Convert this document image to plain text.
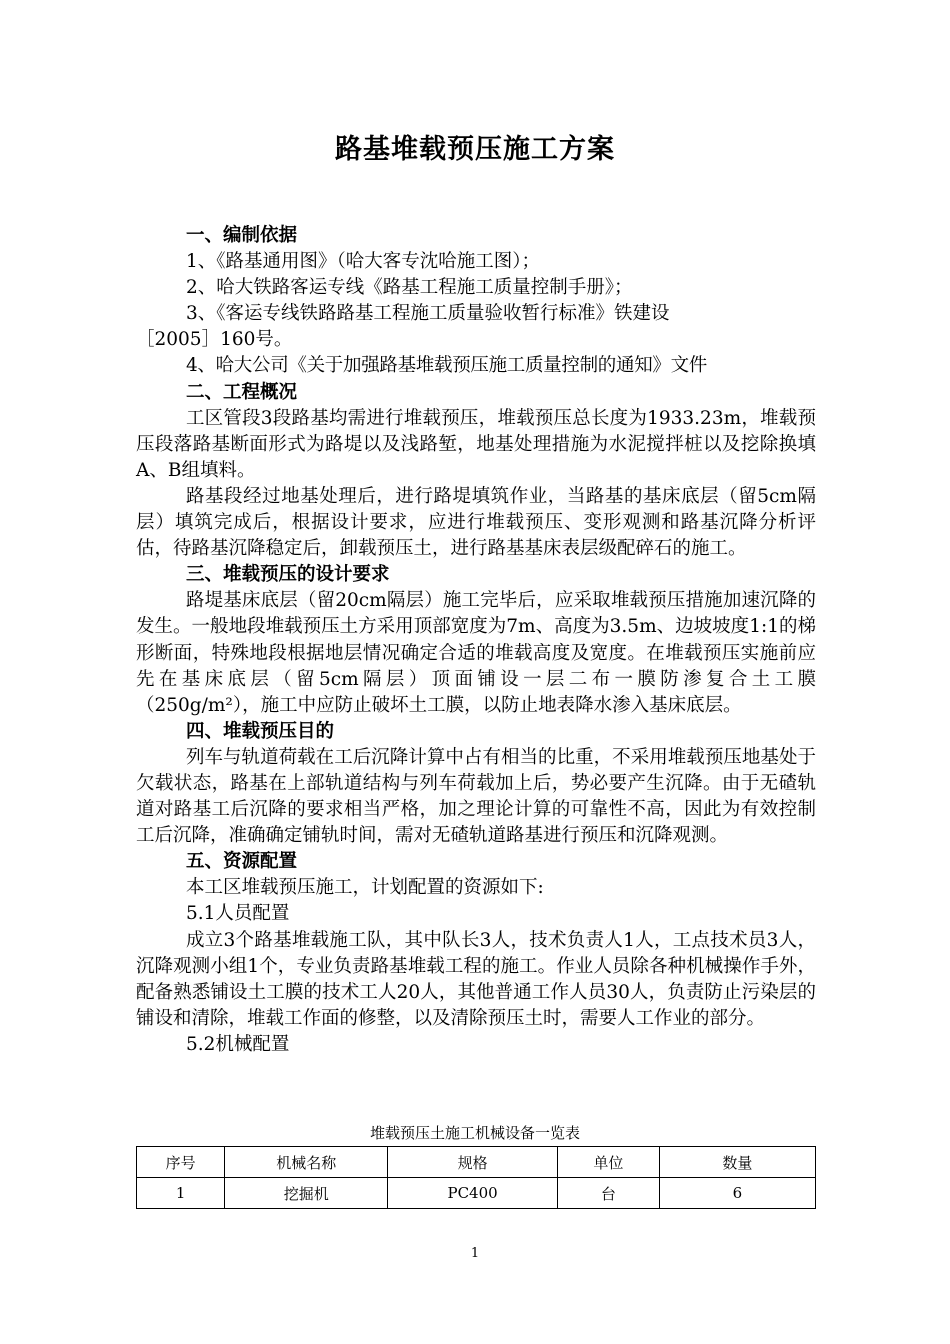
路基堆载预压施工方案

一、编制依据

1、《路基通用图》（哈大客专沈哈施工图）；

2、哈大铁路客运专线《路基工程施工质量控制手册》；

3、《客运专线铁路路基工程施工质量验收暂行标准》铁建设

［2005］160号。

4、哈大公司《关于加强路基堆载预压施工质量控制的通知》文件

二、工程概况

工区管段3段路基均需进行堆载预压，堆载预压总长度为1933.23m，堆载预压段落路基断面形式为路堤以及浅路堑，地基处理措施为水泥搅拌桩以及挖除换填A、B组填料。

路基段经过地基处理后，进行路堤填筑作业，当路基的基床底层（留5cm隔层）填筑完成后，根据设计要求，应进行堆载预压、变形观测和路基沉降分析评估，待路基沉降稳定后，卸载预压土，进行路基基床表层级配碎石的施工。

三、堆载预压的设计要求

路堤基床底层（留20cm隔层）施工完毕后，应采取堆载预压措施加速沉降的发生。一般地段堆载预压土方采用顶部宽度为7m、高度为3.5m、边坡坡度1:1的梯形断面，特殊地段根据地层情况确定合适的堆载高度及宽度。在堆载预压实施前应先在基床底层（留5cm隔层）顶面铺设一层二布一膜防渗复合土工膜（250g/m²），施工中应防止破坏土工膜，以防止地表降水渗入基床底层。

四、堆载预压目的

列车与轨道荷载在工后沉降计算中占有相当的比重，不采用堆载预压地基处于欠载状态，路基在上部轨道结构与列车荷载加上后，势必要产生沉降。由于无碴轨道对路基工后沉降的要求相当严格，加之理论计算的可靠性不高，因此为有效控制工后沉降，准确确定铺轨时间，需对无碴轨道路基进行预压和沉降观测。

五、资源配置

本工区堆载预压施工，计划配置的资源如下:

5.1人员配置

成立3个路基堆载施工队，其中队长3人，技术负责人1人，工点技术员3人，沉降观测小组1个，专业负责路基堆载工程的施工。作业人员除各种机械操作手外，配备熟悉铺设土工膜的技术工人20人，其他普通工作人员30人，负责防止污染层的铺设和清除，堆载工作面的修整，以及清除预压土时，需要人工作业的部分。

5.2机械配置

堆载预压土施工机械设备一览表

序号	机械名称	规格	单位	数量
1	挖掘机	PC400	台	6

1
